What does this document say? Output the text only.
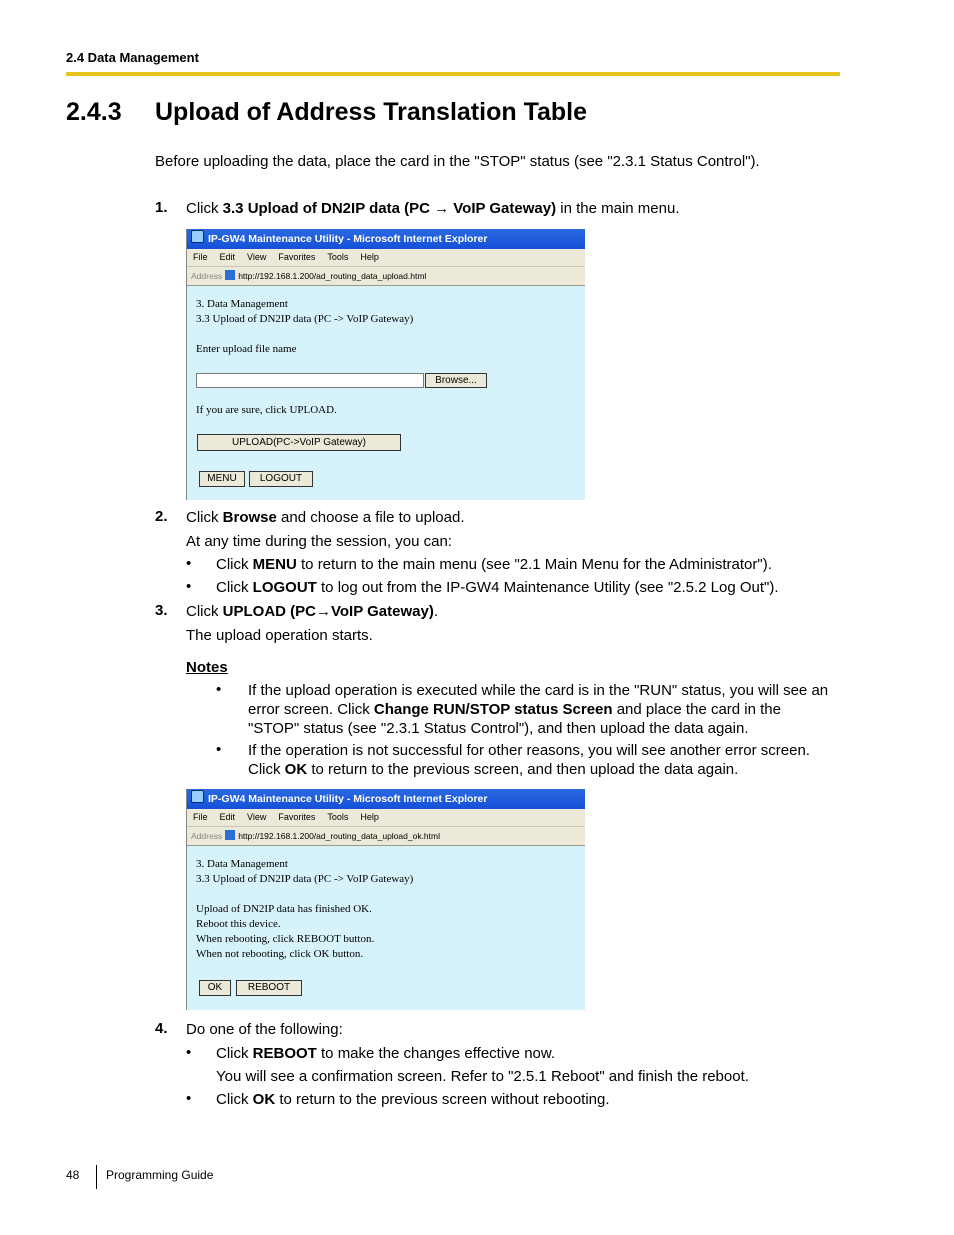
2.4 Data Management
2.4.3 Upload of Address Translation Table
Before uploading the data, place the card in the "STOP" status (see "2.3.1 Status Control").
1. Click 3.3 Upload of DN2IP data (PC → VoIP Gateway) in the main menu.
IP-GW4 Maintenance Utility - Microsoft Internet Explorer
File Edit View Favorites Tools Help
Address http://192.168.1.200/ad_routing_data_upload.html
3. Data Management
3.3 Upload of DN2IP data (PC -> VoIP Gateway)
Enter upload file name
Browse...
If you are sure, click UPLOAD.
UPLOAD(PC->VoIP Gateway)
MENU	LOGOUT
2. Click Browse and choose a file to upload.
At any time during the session, you can:
• Click MENU to return to the main menu (see "2.1 Main Menu for the Administrator").
• Click LOGOUT to log out from the IP-GW4 Maintenance Utility (see "2.5.2 Log Out").
3. Click UPLOAD (PC→VoIP Gateway).
The upload operation starts.
Notes
• If the upload operation is executed while the card is in the "RUN" status, you will see an
error screen. Click Change RUN/STOP status Screen and place the card in the
"STOP" status (see "2.3.1 Status Control"), and then upload the data again.
• If the operation is not successful for other reasons, you will see another error screen.
Click OK to return to the previous screen, and then upload the data again.
IP-GW4 Maintenance Utility - Microsoft Internet Explorer
File Edit View Favorites Tools Help
Address http://192.168.1.200/ad_routing_data_upload_ok.html
3. Data Management
3.3 Upload of DN2IP data (PC -> VoIP Gateway)
Upload of DN2IP data has finished OK.
Reboot this device.
When rebooting, click REBOOT button.
When not rebooting, click OK button.
OK	REBOOT
4. Do one of the following:
• Click REBOOT to make the changes effective now.
You will see a confirmation screen. Refer to "2.5.1 Reboot" and finish the reboot.
• Click OK to return to the previous screen without rebooting.
48 Programming Guide
